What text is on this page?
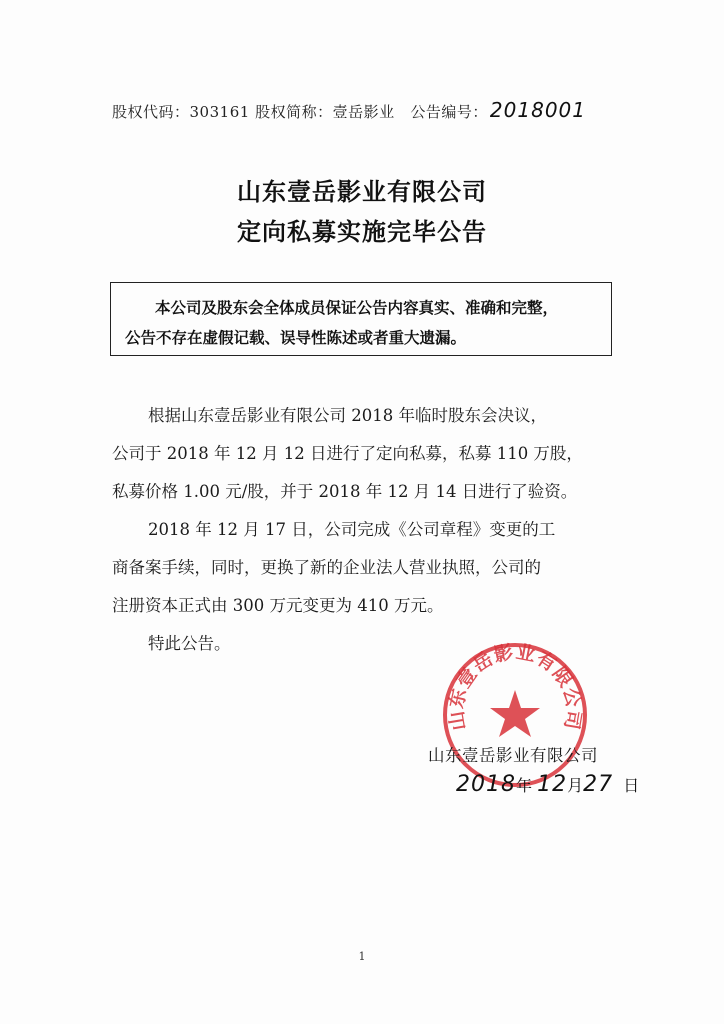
股权代码：303161 股权简称：壹岳影业 公告编号： 2018001
山东壹岳影业有限公司
定向私募实施完毕公告
本公司及股东会全体成员保证公告内容真实、准确和完整，
公告不存在虚假记载、误导性陈述或者重大遗漏。
根据山东壹岳影业有限公司 2018 年临时股东会决议，
公司于 2018 年 12 月 12 日进行了定向私募，私募 110 万股，
私募价格 1.00 元/股，并于 2018 年 12 月 14 日进行了验资。
2018 年 12 月 17 日，公司完成《公司章程》变更的工
商备案手续，同时，更换了新的企业法人营业执照，公司的
注册资本正式由 300 万元变更为 410 万元。
特此公告。
山东壹岳影业有限公司
山东壹岳影业有限公司
2018年 12月27 日
1
